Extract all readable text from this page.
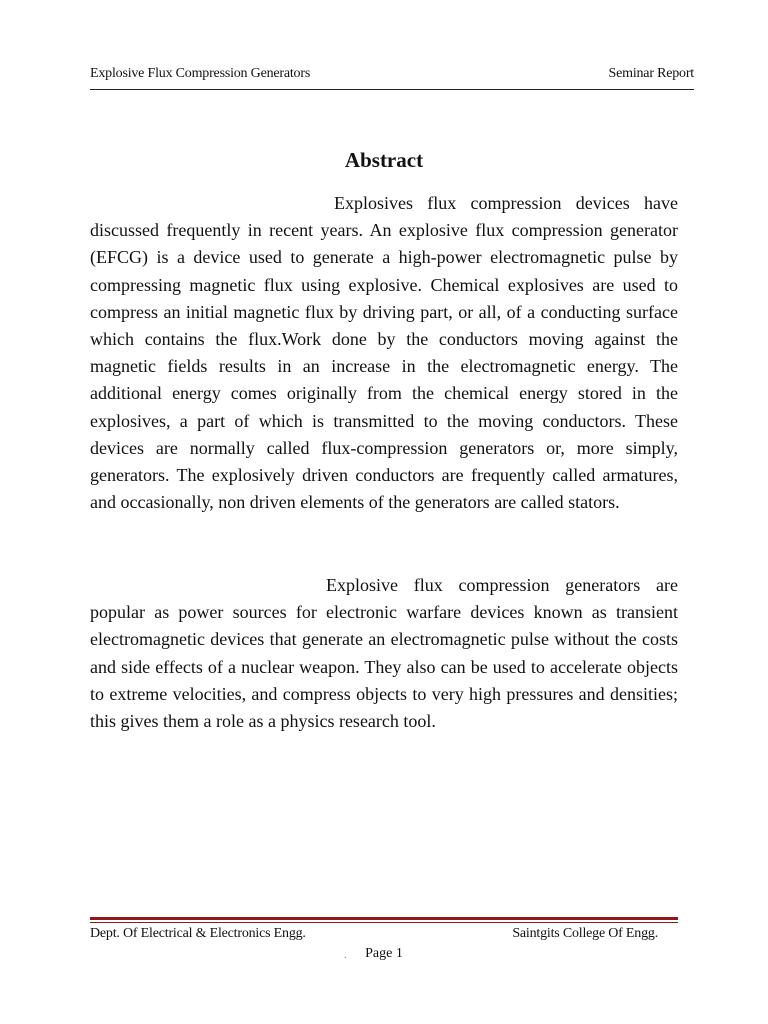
Explosive Flux Compression Generators	Seminar Report
Abstract

Explosives flux compression devices have discussed frequently in recent years. An explosive flux compression generator (EFCG) is a device used to generate a high-power electromagnetic pulse by compressing magnetic flux using explosive. Chemical explosives are used to compress an initial magnetic flux by driving part, or all, of a conducting surface which contains the flux.Work done by the conductors moving against the magnetic fields results in an increase in the electromagnetic energy. The additional energy comes originally from the chemical energy stored in the explosives, a part of which is transmitted to the moving conductors. These devices are normally called flux-compression generators or, more simply, generators. The explosively driven conductors are frequently called armatures, and occasionally, non driven elements of the generators are called stators.

Explosive flux compression generators are popular as power sources for electronic warfare devices known as transient electromagnetic devices that generate an electromagnetic pulse without the costs and side effects of a nuclear weapon. They also can be used to accelerate objects to extreme velocities, and compress objects to very high pressures and densities; this gives them a role as a physics research tool.

Dept. Of Electrical & Electronics Engg.	Saintgits College Of Engg.
.	Page 1
